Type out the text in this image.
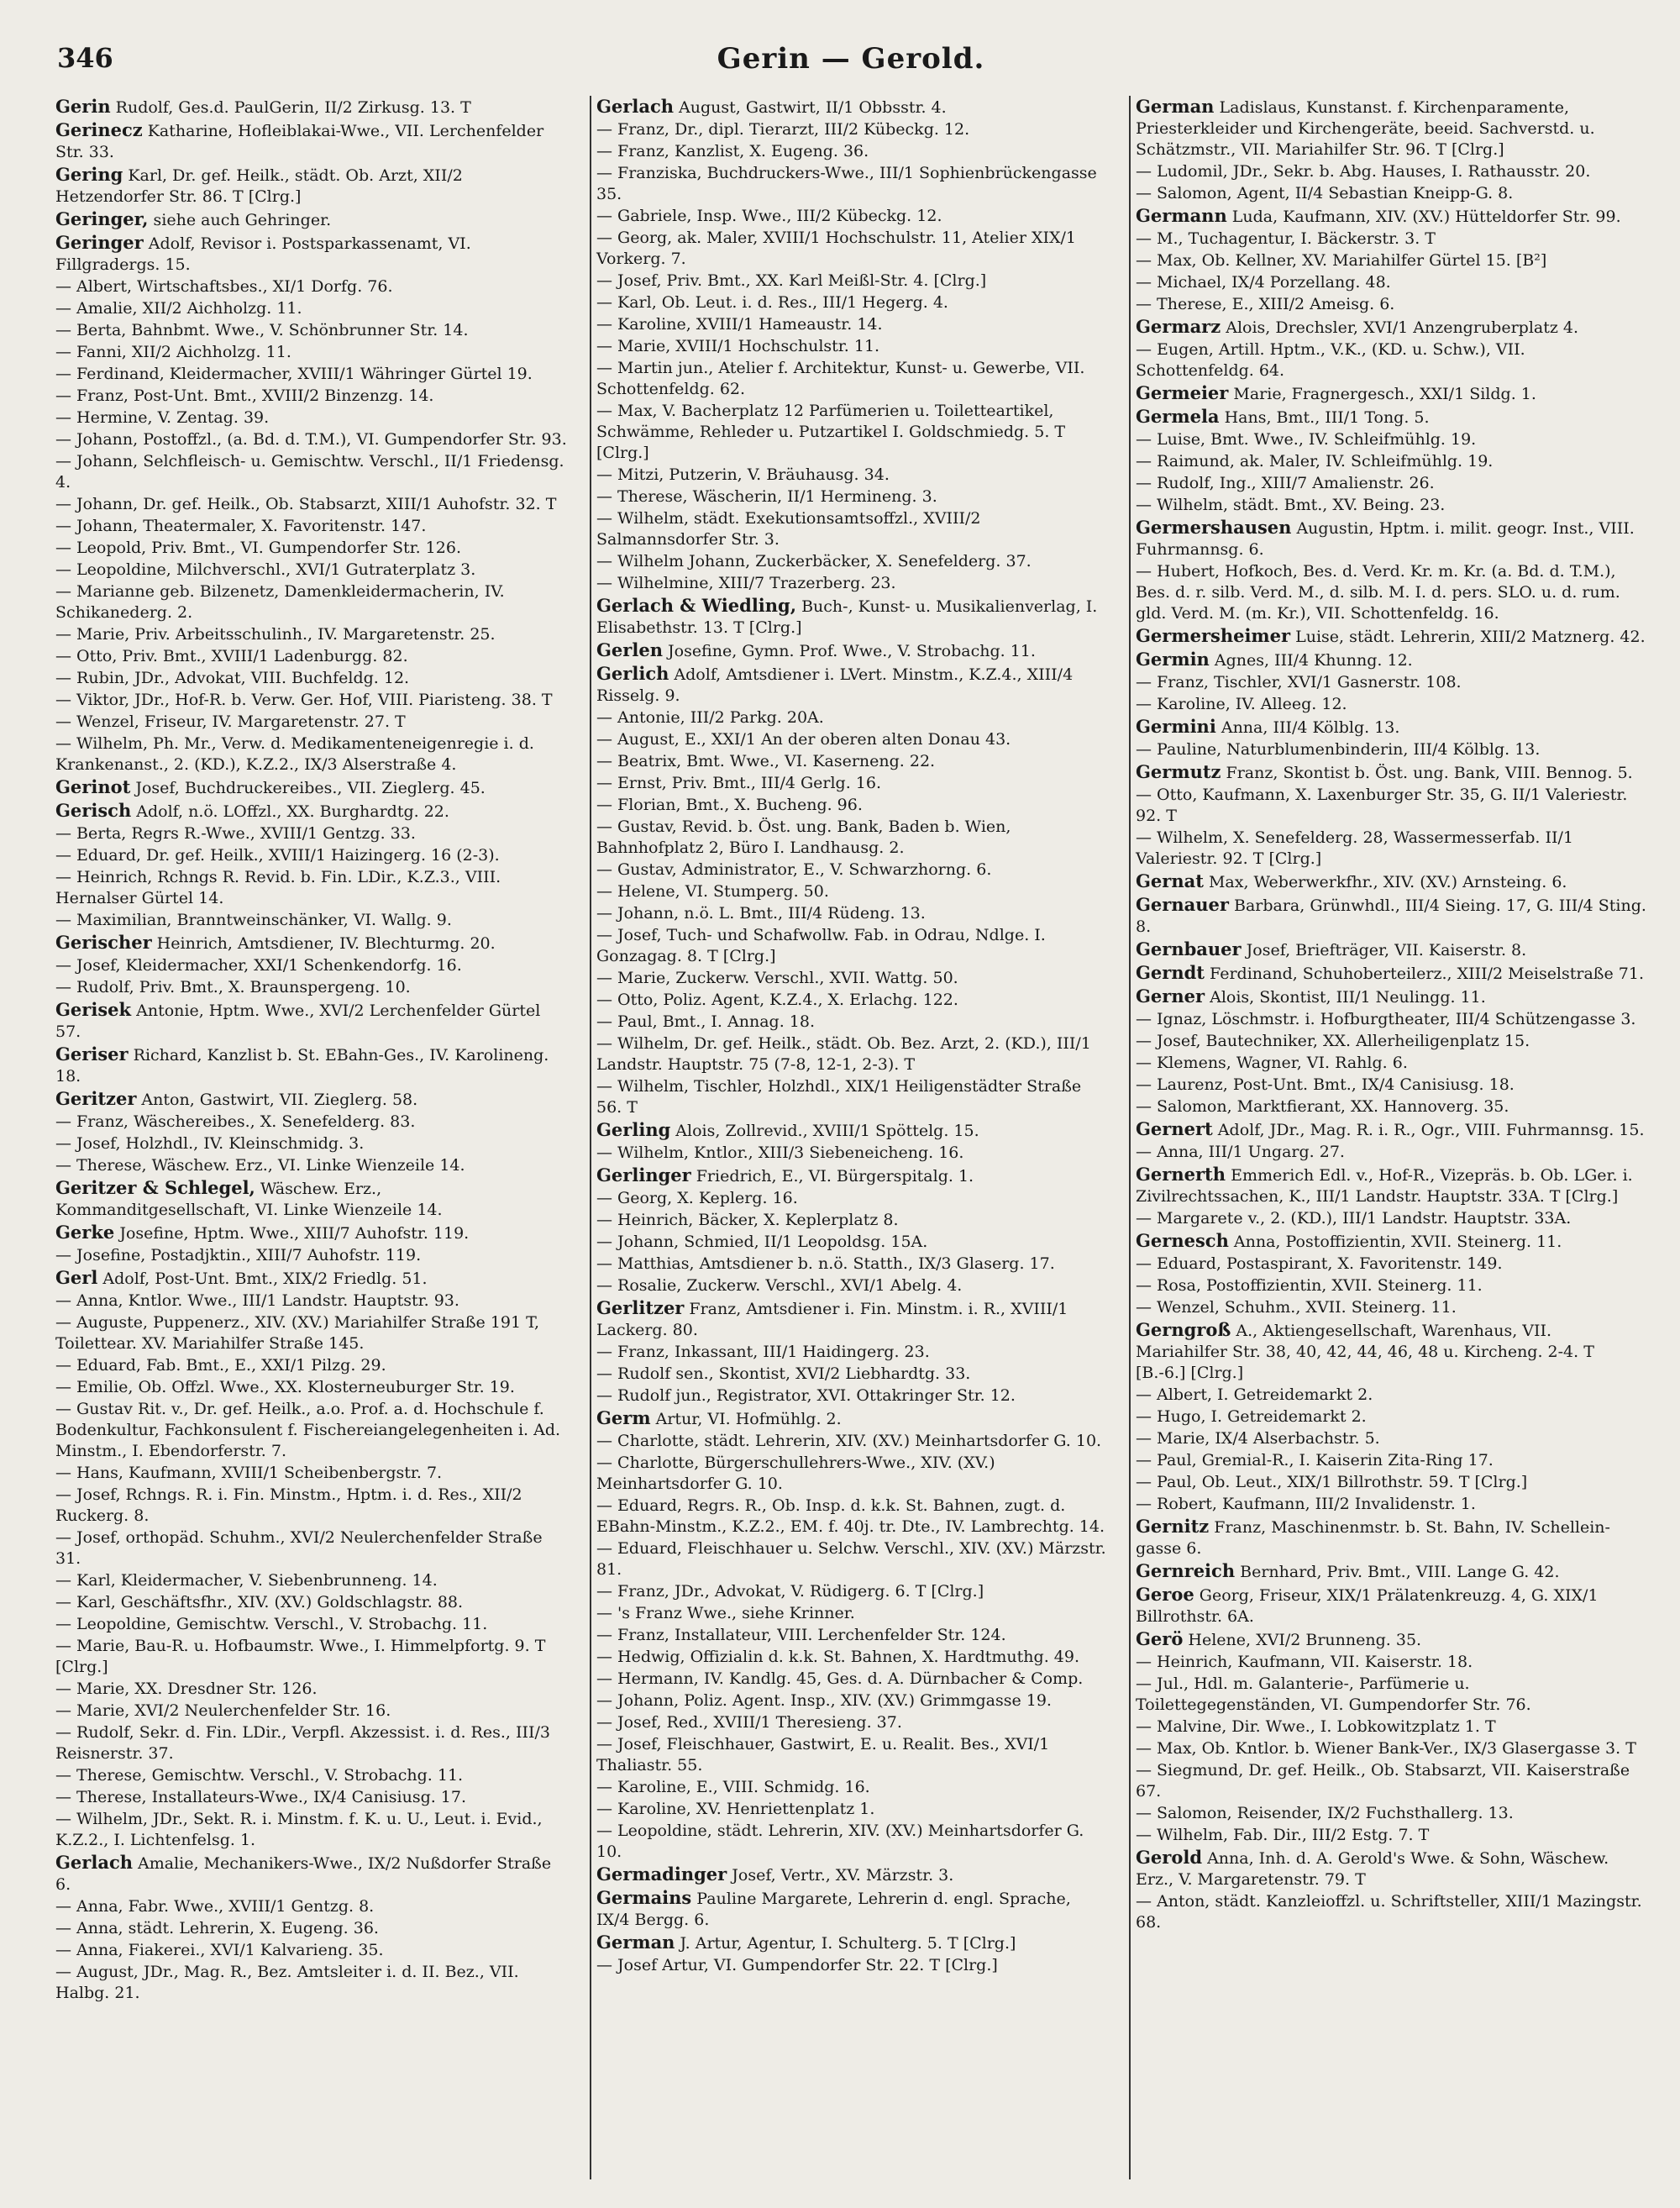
346	Gerin — Gerold.
Gerin Rudolf, Ges.d. PaulGerin, II/2 Zirkusg. 13. T
Gerinecz Katharine, Hofleiblakai-Wwe., VII. Lerchenfelder Str. 33.
Gering Karl, Dr. gef. Heilk., städt. Ob. Arzt, XII/2 Hetzendorfer Str. 86. T [Clrg.]
Geringer, siehe auch Gehringer.
Geringer Adolf, Revisor i. Postsparkassenamt, VI. Fillgradergs. 15.
— Albert, Wirtschaftsbes., XI/1 Dorfg. 76.
— Amalie, XII/2 Aichholzg. 11.
— Berta, Bahnbmt. Wwe., V. Schönbrunner Str. 14.
— Fanni, XII/2 Aichholzg. 11.
— Ferdinand, Kleidermacher, XVIII/1 Währinger Gürtel 19.
— Franz, Post-Unt. Bmt., XVIII/2 Binzenzg. 14.
— Hermine, V. Zentag. 39.
— Johann, Postoffzl., (a. Bd. d. T.M.), VI. Gumpendorfer Str. 93.
— Johann, Selchfleisch- u. Gemischtw. Verschl., II/1 Friedensg. 4.
— Johann, Dr. gef. Heilk., Ob. Stabsarzt, XIII/1 Auhofstr. 32. T
— Johann, Theatermaler, X. Favoritenstr. 147.
— Leopold, Priv. Bmt., VI. Gumpendorfer Str. 126.
— Leopoldine, Milchverschl., XVI/1 Gutraterplatz 3.
— Marianne geb. Bilzenetz, Damenkleidermacherin, IV. Schikanederg. 2.
— Marie, Priv. Arbeitsschulinh., IV. Margaretenstr. 25.
— Otto, Priv. Bmt., XVIII/1 Ladenburgg. 82.
— Rubin, JDr., Advokat, VIII. Buchfeldg. 12.
— Viktor, JDr., Hof-R. b. Verw. Ger. Hof, VIII. Piaristeng. 38. T
— Wenzel, Friseur, IV. Margaretenstr. 27. T
— Wilhelm, Ph. Mr., Verw. d. Medikamenteneigenregie i. d. Krankenanst., 2. (KD.), K.Z.2., IX/3 Alserstraße 4.
Gerinot Josef, Buchdruckereibes., VII. Zieglerg. 45.
Gerisch Adolf, n.ö. LOffzl., XX. Burghardtg. 22.
— Berta, Regrs R.-Wwe., XVIII/1 Gentzg. 33.
— Eduard, Dr. gef. Heilk., XVIII/1 Haizingerg. 16 (2-3).
— Heinrich, Rchngs R. Revid. b. Fin. LDir., K.Z.3., VIII. Hernalser Gürtel 14.
— Maximilian, Branntweinschänker, VI. Wallg. 9.
Gerischer Heinrich, Amtsdiener, IV. Blechturmg. 20.
— Josef, Kleidermacher, XXI/1 Schenkendorfg. 16.
— Rudolf, Priv. Bmt., X. Braunspergeng. 10.
Gerisek Antonie, Hptm. Wwe., XVI/2 Lerchenfelder Gürtel 57.
Geriser Richard, Kanzlist b. St. EBahn-Ges., IV. Karolineng. 18.
Geritzer Anton, Gastwirt, VII. Zieglerg. 58.
— Franz, Wäschereibes., X. Senefelderg. 83.
— Josef, Holzhdl., IV. Kleinschmidg. 3.
— Therese, Wäschew. Erz., VI. Linke Wienzeile 14.
Geritzer & Schlegel, Wäschew. Erz., Kommanditgesellschaft, VI. Linke Wienzeile 14.
Gerke Josefine, Hptm. Wwe., XIII/7 Auhofstr. 119.
— Josefine, Postadjktin., XIII/7 Auhofstr. 119.
Gerl Adolf, Post-Unt. Bmt., XIX/2 Friedlg. 51.
— Anna, Kntlor. Wwe., III/1 Landstr. Hauptstr. 93.
— Auguste, Puppenerz., XIV. (XV.) Mariahilfer Straße 191 T, Toilettear. XV. Mariahilfer Straße 145.
— Eduard, Fab. Bmt., E., XXI/1 Pilzg. 29.
— Emilie, Ob. Offzl. Wwe., XX. Klosterneuburger Str. 19.
— Gustav Rit. v., Dr. gef. Heilk., a.o. Prof. a. d. Hochschule f. Bodenkultur, Fachkonsulent f. Fischereiangelegenheiten i. Ad. Minstm., I. Ebendorferstr. 7.
— Hans, Kaufmann, XVIII/1 Scheibenbergstr. 7.
— Josef, Rchngs. R. i. Fin. Minstm., Hptm. i. d. Res., XII/2 Ruckerg. 8.
— Josef, orthopäd. Schuhm., XVI/2 Neulerchenfelder Straße 31.
— Karl, Kleidermacher, V. Siebenbrunneng. 14.
— Karl, Geschäftsfhr., XIV. (XV.) Goldschlagstr. 88.
— Leopoldine, Gemischtw. Verschl., V. Strobachg. 11.
— Marie, Bau-R. u. Hofbaumstr. Wwe., I. Himmelpfortg. 9. T [Clrg.]
— Marie, XX. Dresdner Str. 126.
— Marie, XVI/2 Neulerchenfelder Str. 16.
— Rudolf, Sekr. d. Fin. LDir., Verpfl. Akzessist. i. d. Res., III/3 Reisnerstr. 37.
— Therese, Gemischtw. Verschl., V. Strobachg. 11.
— Therese, Installateurs-Wwe., IX/4 Canisiusg. 17.
— Wilhelm, JDr., Sekt. R. i. Minstm. f. K. u. U., Leut. i. Evid., K.Z.2., I. Lichtenfelsg. 1.
Gerlach Amalie, Mechanikers-Wwe., IX/2 Nußdorfer Straße 6.
— Anna, Fabr. Wwe., XVIII/1 Gentzg. 8.
— Anna, städt. Lehrerin, X. Eugeng. 36.
— Anna, Fiakerei., XVI/1 Kalvarieng. 35.
— August, JDr., Mag. R., Bez. Amtsleiter i. d. II. Bez., VII. Halbg. 21.
Gerlach August, Gastwirt, II/1 Obbsstr. 4.
— Franz, Dr., dipl. Tierarzt, III/2 Kübeckg. 12.
— Franz, Kanzlist, X. Eugeng. 36.
— Franziska, Buchdruckers-Wwe., III/1 Sophienbrückengasse 35.
— Gabriele, Insp. Wwe., III/2 Kübeckg. 12.
— Georg, ak. Maler, XVIII/1 Hochschulstr. 11, Atelier XIX/1 Vorkerg. 7.
— Josef, Priv. Bmt., XX. Karl Meißl-Str. 4. [Clrg.]
— Karl, Ob. Leut. i. d. Res., III/1 Hegerg. 4.
— Karoline, XVIII/1 Hameaustr. 14.
— Marie, XVIII/1 Hochschulstr. 11.
— Martin jun., Atelier f. Architektur, Kunst- u. Gewerbe, VII. Schottenfeldg. 62.
— Max, V. Bacherplatz 12 Parfümerien u. Toiletteartikel, Schwämme, Rehleder u. Putzartikel I. Goldschmiedg. 5. T [Clrg.]
— Mitzi, Putzerin, V. Bräuhausg. 34.
— Therese, Wäscherin, II/1 Hermineng. 3.
— Wilhelm, städt. Exekutionsamtsoffzl., XVIII/2 Salmannsdorfer Str. 3.
— Wilhelm Johann, Zuckerbäcker, X. Senefelderg. 37.
— Wilhelmine, XIII/7 Trazerberg. 23.
Gerlach & Wiedling, Buch-, Kunst- u. Musikalienverlag, I. Elisabethstr. 13. T [Clrg.]
Gerlen Josefine, Gymn. Prof. Wwe., V. Strobachg. 11.
Gerlich Adolf, Amtsdiener i. LVert. Minstm., K.Z.4., XIII/4 Risselg. 9.
— Antonie, III/2 Parkg. 20A.
— August, E., XXI/1 An der oberen alten Donau 43.
— Beatrix, Bmt. Wwe., VI. Kaserneng. 22.
— Ernst, Priv. Bmt., III/4 Gerlg. 16.
— Florian, Bmt., X. Bucheng. 96.
— Gustav, Revid. b. Öst. ung. Bank, Baden b. Wien, Bahnhofplatz 2, Büro I. Landhausg. 2.
— Gustav, Administrator, E., V. Schwarzhorng. 6.
— Helene, VI. Stumperg. 50.
— Johann, n.ö. L. Bmt., III/4 Rüdeng. 13.
— Josef, Tuch- und Schafwollw. Fab. in Odrau, Ndlge. I. Gonzagag. 8. T [Clrg.]
— Marie, Zuckerw. Verschl., XVII. Wattg. 50.
— Otto, Poliz. Agent, K.Z.4., X. Erlachg. 122.
— Paul, Bmt., I. Annag. 18.
— Wilhelm, Dr. gef. Heilk., städt. Ob. Bez. Arzt, 2. (KD.), III/1 Landstr. Hauptstr. 75 (7-8, 12-1, 2-3). T
— Wilhelm, Tischler, Holzhdl., XIX/1 Heiligenstädter Straße 56. T
Gerling Alois, Zollrevid., XVIII/1 Spöttelg. 15.
— Wilhelm, Kntlor., XIII/3 Siebeneicheng. 16.
Gerlinger Friedrich, E., VI. Bürgerspitalg. 1.
— Georg, X. Keplerg. 16.
— Heinrich, Bäcker, X. Keplerplatz 8.
— Johann, Schmied, II/1 Leopoldsg. 15A.
— Matthias, Amtsdiener b. n.ö. Statth., IX/3 Glaserg. 17.
— Rosalie, Zuckerw. Verschl., XVI/1 Abelg. 4.
Gerlitzer Franz, Amtsdiener i. Fin. Minstm. i. R., XVIII/1 Lackerg. 80.
— Franz, Inkassant, III/1 Haidingerg. 23.
— Rudolf sen., Skontist, XVI/2 Liebhardtg. 33.
— Rudolf jun., Registrator, XVI. Ottakringer Str. 12.
Germ Artur, VI. Hofmühlg. 2.
— Charlotte, städt. Lehrerin, XIV. (XV.) Meinhartsdorfer G. 10.
— Charlotte, Bürgerschullehrers-Wwe., XIV. (XV.) Meinhartsdorfer G. 10.
— Eduard, Regrs. R., Ob. Insp. d. k.k. St. Bahnen, zugt. d. EBahn-Minstm., K.Z.2., EM. f. 40j. tr. Dte., IV. Lambrechtg. 14.
— Eduard, Fleischhauer u. Selchw. Verschl., XIV. (XV.) Märzstr. 81.
— Franz, JDr., Advokat, V. Rüdigerg. 6. T [Clrg.]
— 's Franz Wwe., siehe Krinner.
— Franz, Installateur, VIII. Lerchenfelder Str. 124.
— Hedwig, Offizialin d. k.k. St. Bahnen, X. Hardtmuthg. 49.
— Hermann, IV. Kandlg. 45, Ges. d. A. Dürnbacher & Comp.
— Johann, Poliz. Agent. Insp., XIV. (XV.) Grimmgasse 19.
— Josef, Red., XVIII/1 Theresieng. 37.
— Josef, Fleischhauer, Gastwirt, E. u. Realit. Bes., XVI/1 Thaliastr. 55.
— Karoline, E., VIII. Schmidg. 16.
— Karoline, XV. Henriettenplatz 1.
— Leopoldine, städt. Lehrerin, XIV. (XV.) Meinhartsdorfer G. 10.
Germadinger Josef, Vertr., XV. Märzstr. 3.
Germains Pauline Margarete, Lehrerin d. engl. Sprache, IX/4 Bergg. 6.
German J. Artur, Agentur, I. Schulterg. 5. T [Clrg.]
— Josef Artur, VI. Gumpendorfer Str. 22. T [Clrg.]
German Ladislaus, Kunstanst. f. Kirchenparamente, Priesterkleider und Kirchengeräte, beeid. Sachverstd. u. Schätzmstr., VII. Mariahilfer Str. 96. T [Clrg.]
— Ludomil, JDr., Sekr. b. Abg. Hauses, I. Rathausstr. 20.
— Salomon, Agent, II/4 Sebastian Kneipp-G. 8.
Germann Luda, Kaufmann, XIV. (XV.) Hütteldorfer Str. 99.
— M., Tuchagentur, I. Bäckerstr. 3. T
— Max, Ob. Kellner, XV. Mariahilfer Gürtel 15. [B²]
— Michael, IX/4 Porzellang. 48.
— Therese, E., XIII/2 Ameisg. 6.
Germarz Alois, Drechsler, XVI/1 Anzengruberplatz 4.
— Eugen, Artill. Hptm., V.K., (KD. u. Schw.), VII. Schottenfeldg. 64.
Germeier Marie, Fragnergesch., XXI/1 Sildg. 1.
Germela Hans, Bmt., III/1 Tong. 5.
— Luise, Bmt. Wwe., IV. Schleifmühlg. 19.
— Raimund, ak. Maler, IV. Schleifmühlg. 19.
— Rudolf, Ing., XIII/7 Amalienstr. 26.
— Wilhelm, städt. Bmt., XV. Being. 23.
Germershausen Augustin, Hptm. i. milit. geogr. Inst., VIII. Fuhrmannsg. 6.
— Hubert, Hofkoch, Bes. d. Verd. Kr. m. Kr. (a. Bd. d. T.M.), Bes. d. r. silb. Verd. M., d. silb. M. I. d. pers. SLO. u. d. rum. gld. Verd. M. (m. Kr.), VII. Schottenfeldg. 16.
Germersheimer Luise, städt. Lehrerin, XIII/2 Matznerg. 42.
Germin Agnes, III/4 Khunng. 12.
— Franz, Tischler, XVI/1 Gasnerstr. 108.
— Karoline, IV. Alleeg. 12.
Germini Anna, III/4 Kölblg. 13.
— Pauline, Naturblumenbinderin, III/4 Kölblg. 13.
Germutz Franz, Skontist b. Öst. ung. Bank, VIII. Bennog. 5.
— Otto, Kaufmann, X. Laxenburger Str. 35, G. II/1 Valeriestr. 92. T
— Wilhelm, X. Senefelderg. 28, Wassermesserfab. II/1 Valeriestr. 92. T [Clrg.]
Gernat Max, Weberwerkfhr., XIV. (XV.) Arnsteing. 6.
Gernauer Barbara, Grünwhdl., III/4 Sieing. 17, G. III/4 Sting. 8.
Gernbauer Josef, Briefträger, VII. Kaiserstr. 8.
Gerndt Ferdinand, Schuhoberteilerz., XIII/2 Meiselstraße 71.
Gerner Alois, Skontist, III/1 Neulingg. 11.
— Ignaz, Löschmstr. i. Hofburgtheater, III/4 Schützengasse 3.
— Josef, Bautechniker, XX. Allerheiligenplatz 15.
— Klemens, Wagner, VI. Rahlg. 6.
— Laurenz, Post-Unt. Bmt., IX/4 Canisiusg. 18.
— Salomon, Marktfierant, XX. Hannoverg. 35.
Gernert Adolf, JDr., Mag. R. i. R., Ogr., VIII. Fuhrmannsg. 15.
— Anna, III/1 Ungarg. 27.
Gernerth Emmerich Edl. v., Hof-R., Vizepräs. b. Ob. LGer. i. Zivilrechtssachen, K., III/1 Landstr. Hauptstr. 33A. T [Clrg.]
— Margarete v., 2. (KD.), III/1 Landstr. Hauptstr. 33A.
Gernesch Anna, Postoffizientin, XVII. Steinerg. 11.
— Eduard, Postaspirant, X. Favoritenstr. 149.
— Rosa, Postoffizientin, XVII. Steinerg. 11.
— Wenzel, Schuhm., XVII. Steinerg. 11.
Gerngroß A., Aktiengesellschaft, Warenhaus, VII. Mariahilfer Str. 38, 40, 42, 44, 46, 48 u. Kircheng. 2-4. T [B.-6.] [Clrg.]
— Albert, I. Getreidemarkt 2.
— Hugo, I. Getreidemarkt 2.
— Marie, IX/4 Alserbachstr. 5.
— Paul, Gremial-R., I. Kaiserin Zita-Ring 17.
— Paul, Ob. Leut., XIX/1 Billrothstr. 59. T [Clrg.]
— Robert, Kaufmann, III/2 Invalidenstr. 1.
Gernitz Franz, Maschinenmstr. b. St. Bahn, IV. Schellein-gasse 6.
Gernreich Bernhard, Priv. Bmt., VIII. Lange G. 42.
Geroe Georg, Friseur, XIX/1 Prälatenkreuzg. 4, G. XIX/1 Billrothstr. 6A.
Gerö Helene, XVI/2 Brunneng. 35.
— Heinrich, Kaufmann, VII. Kaiserstr. 18.
— Jul., Hdl. m. Galanterie-, Parfümerie u. Toilettegegenständen, VI. Gumpendorfer Str. 76.
— Malvine, Dir. Wwe., I. Lobkowitzplatz 1. T
— Max, Ob. Kntlor. b. Wiener Bank-Ver., IX/3 Glasergasse 3. T
— Siegmund, Dr. gef. Heilk., Ob. Stabsarzt, VII. Kaiserstraße 67.
— Salomon, Reisender, IX/2 Fuchsthallerg. 13.
— Wilhelm, Fab. Dir., III/2 Estg. 7. T
Gerold Anna, Inh. d. A. Gerold's Wwe. & Sohn, Wäschew. Erz., V. Margaretenstr. 79. T
— Anton, städt. Kanzleioffzl. u. Schriftsteller, XIII/1 Mazingstr. 68.
